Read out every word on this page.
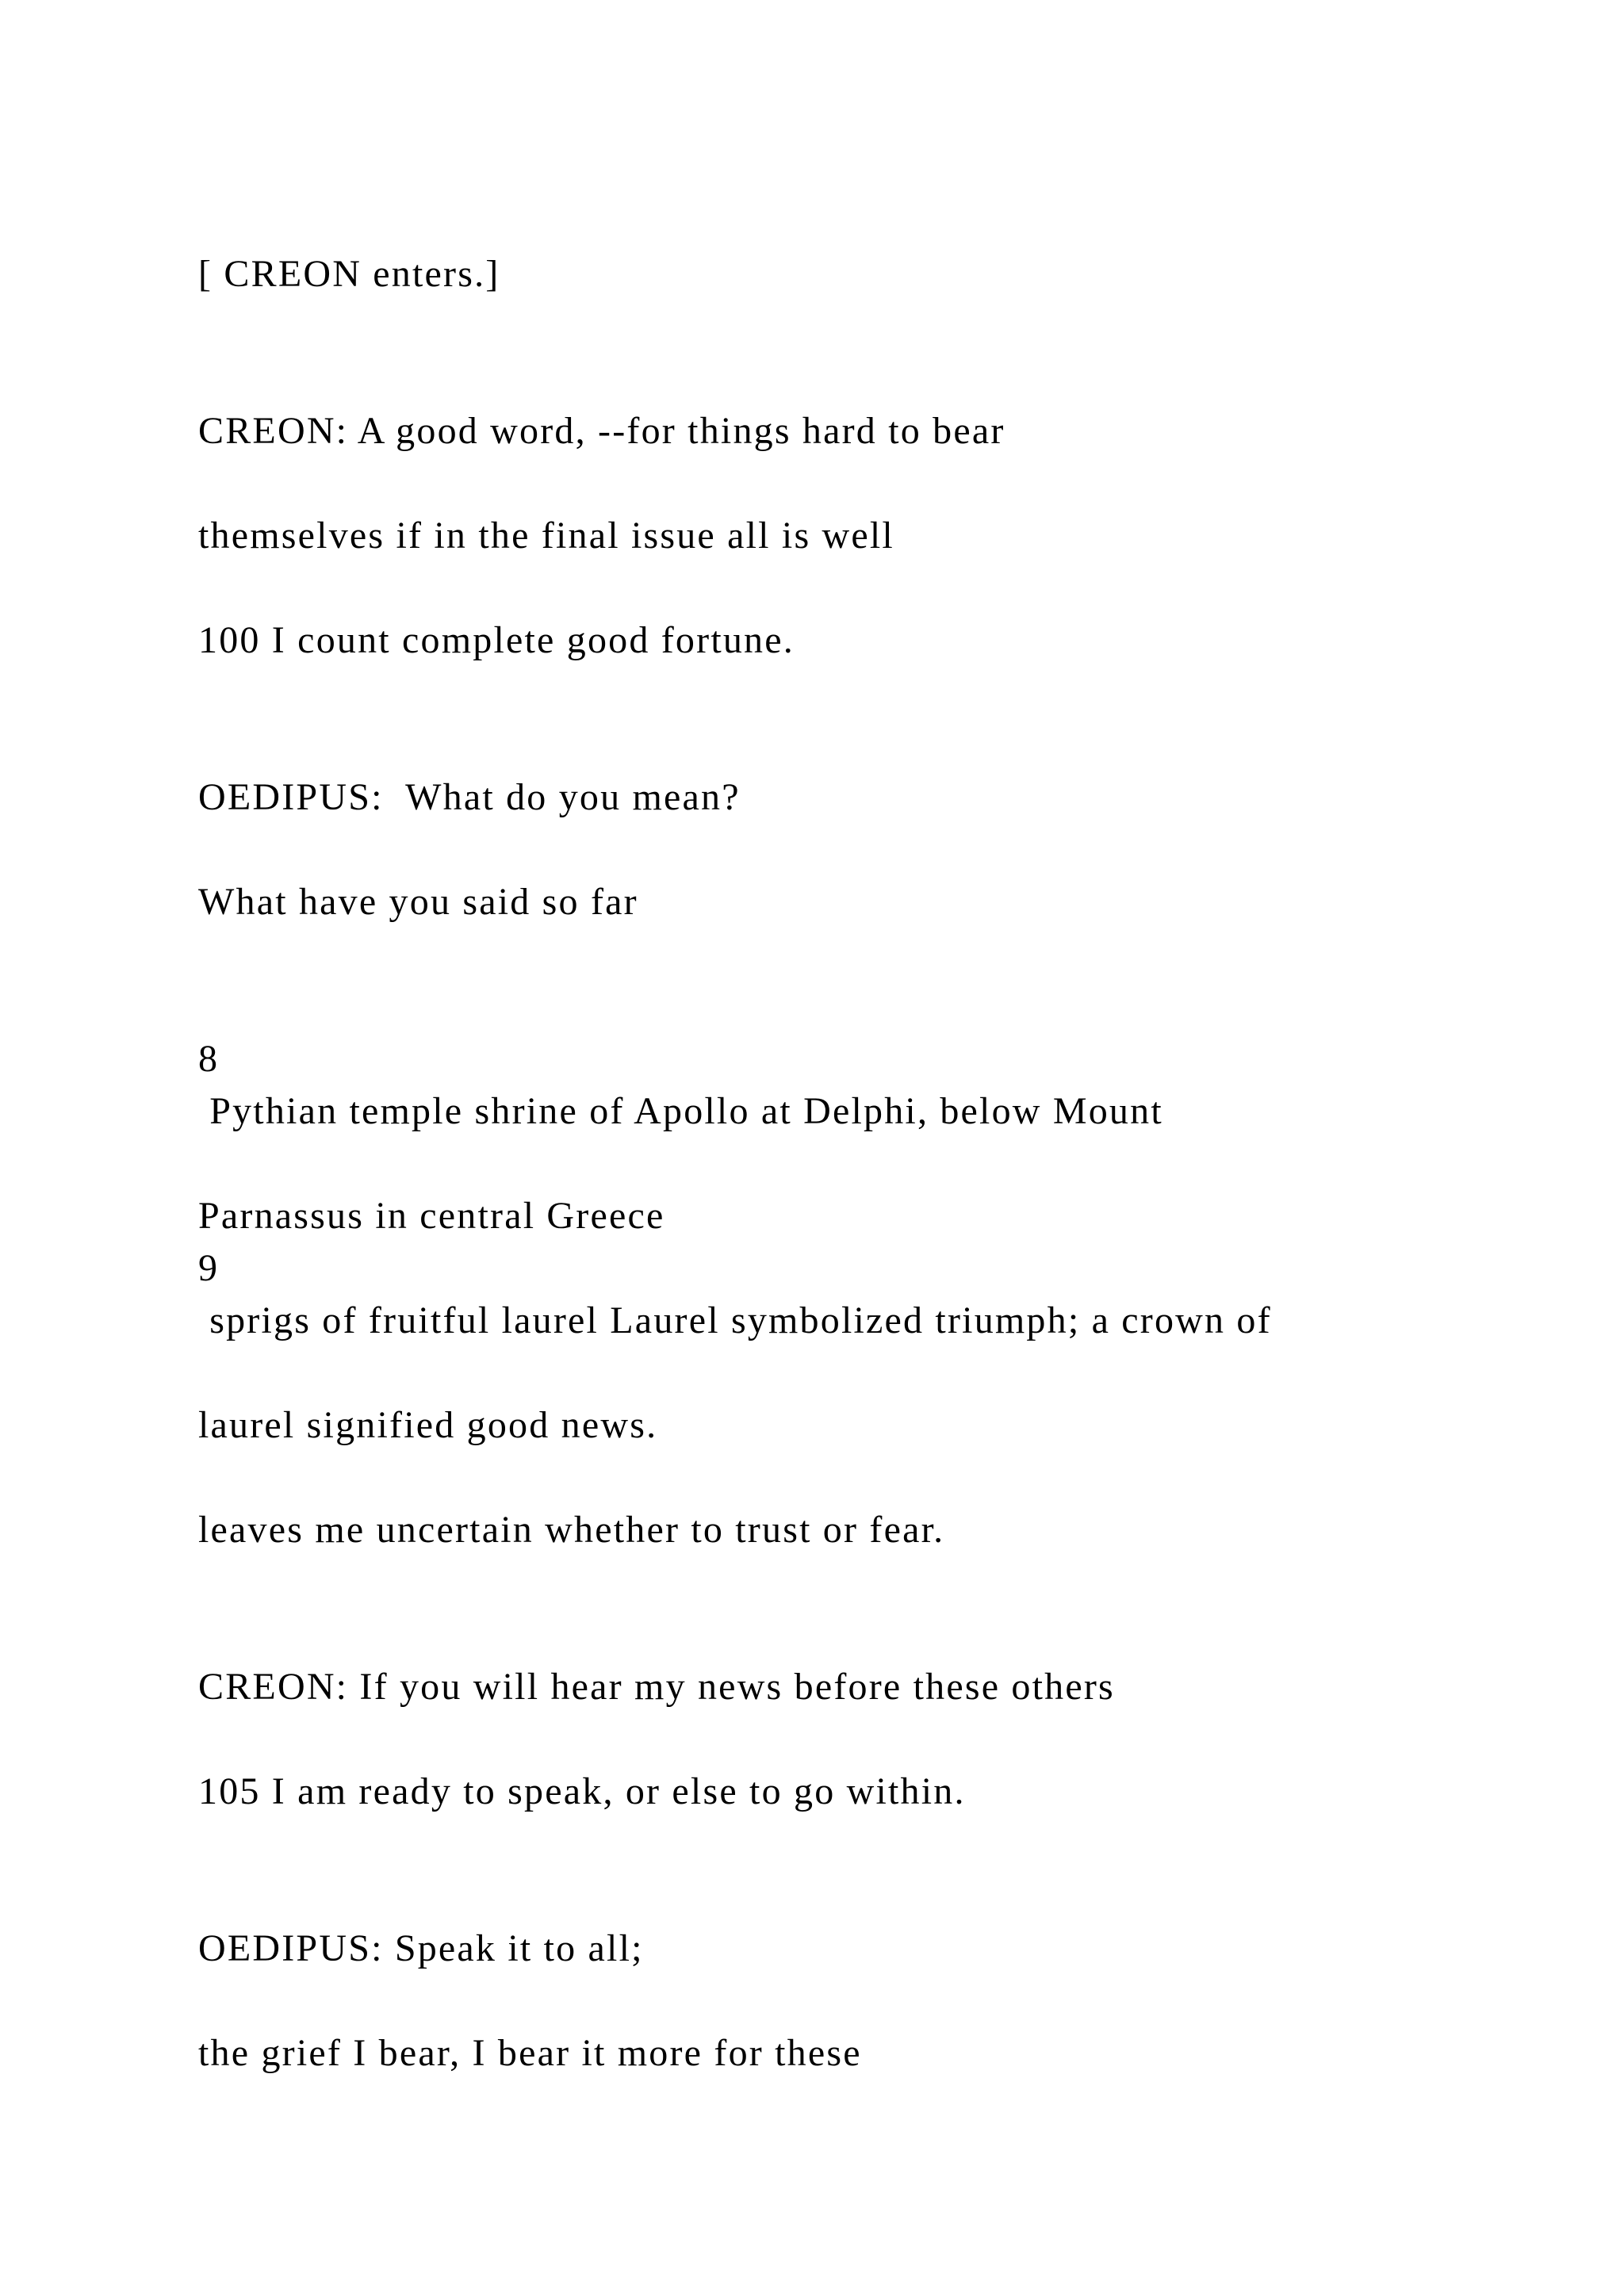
[ CREON enters.]

CREON: A good word, --for things hard to bear

themselves if in the final issue all is well

100 I count complete good fortune.

OEDIPUS:  What do you mean?

What have you said so far

8

Pythian temple shrine of Apollo at Delphi, below Mount

Parnassus in central Greece

9

sprigs of fruitful laurel Laurel symbolized triumph; a crown of

laurel signified good news.

leaves me uncertain whether to trust or fear.

CREON: If you will hear my news before these others

105 I am ready to speak, or else to go within.

OEDIPUS: Speak it to all;

the grief I bear, I bear it more for these
